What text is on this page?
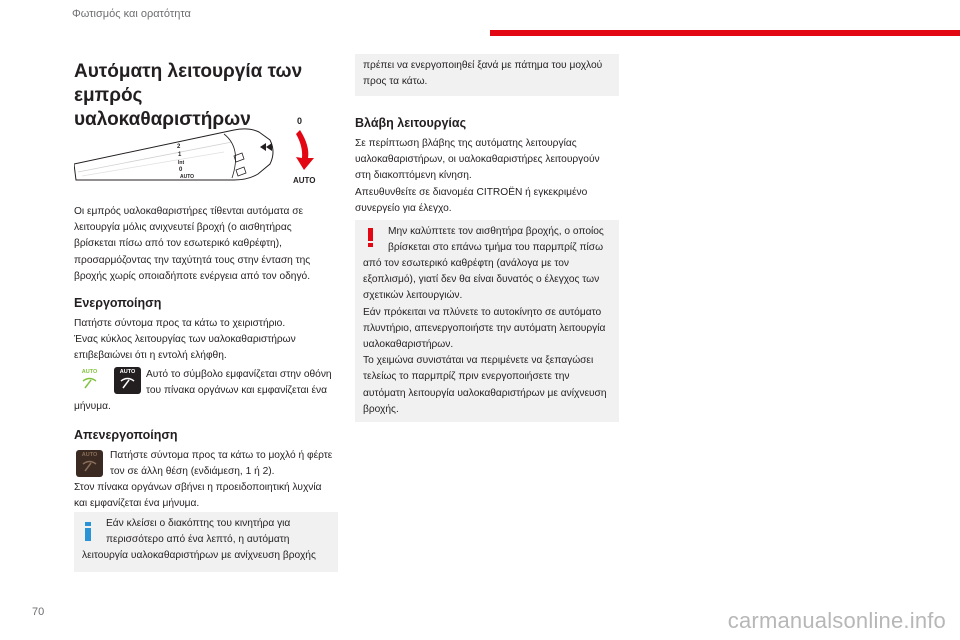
Φωτισμός και ορατότητα
Αυτόματη λειτουργία των εμπρός
υαλοκαθαριστήρων
2
1
Int
0
AUTO
0
AUTO

Οι εμπρός υαλοκαθαριστήρες τίθενται αυτόματα σε

λειτουργία μόλις ανιχνευτεί βροχή (ο αισθητήρας

βρίσκεται πίσω από τον εσωτερικό καθρέφτη),

προσαρμόζοντας την ταχύτητά τους στην ένταση της

βροχής χωρίς οποιαδήποτε ενέργεια από τον οδηγό.

Ενεργοποίηση

Πατήστε σύντομα προς τα κάτω το χειριστήριο.

Ένας κύκλος λειτουργίας των υαλοκαθαριστήρων

επιβεβαιώνει ότι η εντολή ελήφθη.

AUTO	AUTO	Αυτό το σύμβολο εμφανίζεται στην οθόνη

του πίνακα οργάνων και εμφανίζεται ένα

μήνυμα.

Απενεργοποίηση
AUTO	Πατήστε σύντομα προς τα κάτω το μοχλό ή φέρτε

τον σε άλλη θέση (ενδιάμεση, 1 ή 2).

Στον πίνακα οργάνων σβήνει η προειδοποιητική λυχνία

και εμφανίζεται ένα μήνυμα.

Εάν κλείσει ο διακόπτης του κινητήρα για

περισσότερο από ένα λεπτό, η αυτόματη

λειτουργία υαλοκαθαριστήρων με ανίχνευση βροχής

πρέπει να ενεργοποιηθεί ξανά με πάτημα του μοχλού

προς τα κάτω.

Βλάβη λειτουργίας

Σε περίπτωση βλάβης της αυτόματης λειτουργίας

υαλοκαθαριστήρων, οι υαλοκαθαριστήρες λειτουργούν

στη διακοπτόμενη κίνηση.

Απευθυνθείτε σε διανομέα CITROËN ή εγκεκριμένο

συνεργείο για έλεγχο.

Μην καλύπτετε τον αισθητήρα βροχής, ο οποίος

βρίσκεται στο επάνω τμήμα του παρμπρίζ πίσω

από τον εσωτερικό καθρέφτη (ανάλογα με τον

εξοπλισμό), γιατί δεν θα είναι δυνατός ο έλεγχος των

σχετικών λειτουργιών.

Εάν πρόκειται να πλύνετε το αυτοκίνητο σε αυτόματο

πλυντήριο, απενεργοποιήστε την αυτόματη λειτουργία

υαλοκαθαριστήρων.

Το χειμώνα συνιστάται να περιμένετε να ξεπαγώσει

τελείως το παρμπρίζ πριν ενεργοποιήσετε την

αυτόματη λειτουργία υαλοκαθαριστήρων με ανίχνευση

βροχής.

70	carmanualsonline.info
